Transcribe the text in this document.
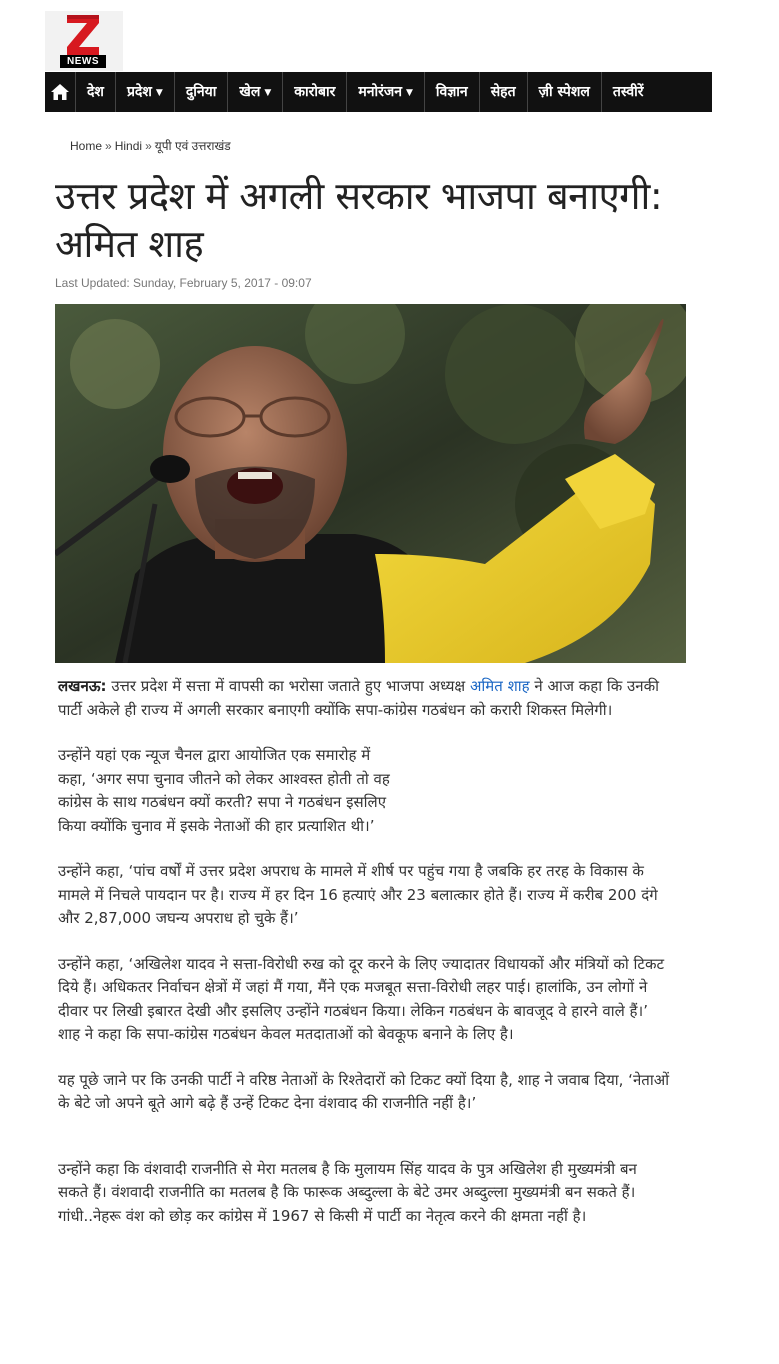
NEWS
देश	प्रदेश ▼	दुनिया	खेल ▼	कारोबार	मनोरंजन ▼	विज्ञान	सेहत	ज़ी स्पेशल	तस्वीरें
Home » Hindi » यूपी एवं उत्तराखंड
उत्तर प्रदेश में अगली सरकार भाजपा बनाएगी: अमित शाह
Last Updated: Sunday, February 5, 2017 - 09:07

लखनऊ: उत्तर प्रदेश में सत्ता में वापसी का भरोसा जताते हुए भाजपा अध्यक्ष अमित शाह ने आज कहा कि उनकी पार्टी अकेले ही राज्य में अगली सरकार बनाएगी क्योंकि सपा-कांग्रेस गठबंधन को करारी शिकस्त मिलेगी।

उन्होंने यहां एक न्यूज चैनल द्वारा आयोजित एक समारोह में कहा, ‘अगर सपा चुनाव जीतने को लेकर आश्वस्त होती तो वह कांग्रेस के साथ गठबंधन क्यों करती? सपा ने गठबंधन इसलिए किया क्योंकि चुनाव में इसके नेताओं की हार प्रत्याशित थी।’

उन्होंने कहा, ‘पांच वर्षों में उत्तर प्रदेश अपराध के मामले में शीर्ष पर पहुंच गया है जबकि हर तरह के विकास के मामले में निचले पायदान पर है। राज्य में हर दिन 16 हत्याएं और 23 बलात्कार होते हैं। राज्य में करीब 200 दंगे और 2,87,000 जघन्य अपराध हो चुके हैं।’

उन्होंने कहा, ‘अखिलेश यादव ने सत्ता-विरोधी रुख को दूर करने के लिए ज्यादातर विधायकों और मंत्रियों को टिकट दिये हैं। अधिकतर निर्वाचन क्षेत्रों में जहां मैं गया, मैंने एक मजबूत सत्ता-विरोधी लहर पाई। हालांकि, उन लोगों ने दीवार पर लिखी इबारत देखी और इसलिए उन्होंने गठबंधन किया। लेकिन गठबंधन के बावजूद वे हारने वाले हैं।’ शाह ने कहा कि सपा-कांग्रेस गठबंधन केवल मतदाताओं को बेवकूफ बनाने के लिए है।

यह पूछे जाने पर कि उनकी पार्टी ने वरिष्ठ नेताओं के रिश्तेदारों को टिकट क्यों दिया है, शाह ने जवाब दिया, ‘नेताओं के बेटे जो अपने बूते आगे बढ़े हैं उन्हें टिकट देना वंशवाद की राजनीति नहीं है।’

उन्होंने कहा कि वंशवादी राजनीति से मेरा मतलब है कि मुलायम सिंह यादव के पुत्र अखिलेश ही मुख्यमंत्री बन सकते हैं। वंशवादी राजनीति का मतलब है कि फारूक अब्दुल्ला के बेटे उमर अब्दुल्ला मुख्यमंत्री बन सकते हैं। गांधी..नेहरू वंश को छोड़ कर कांग्रेस में 1967 से किसी में पार्टी का नेतृत्व करने की क्षमता नहीं है।
